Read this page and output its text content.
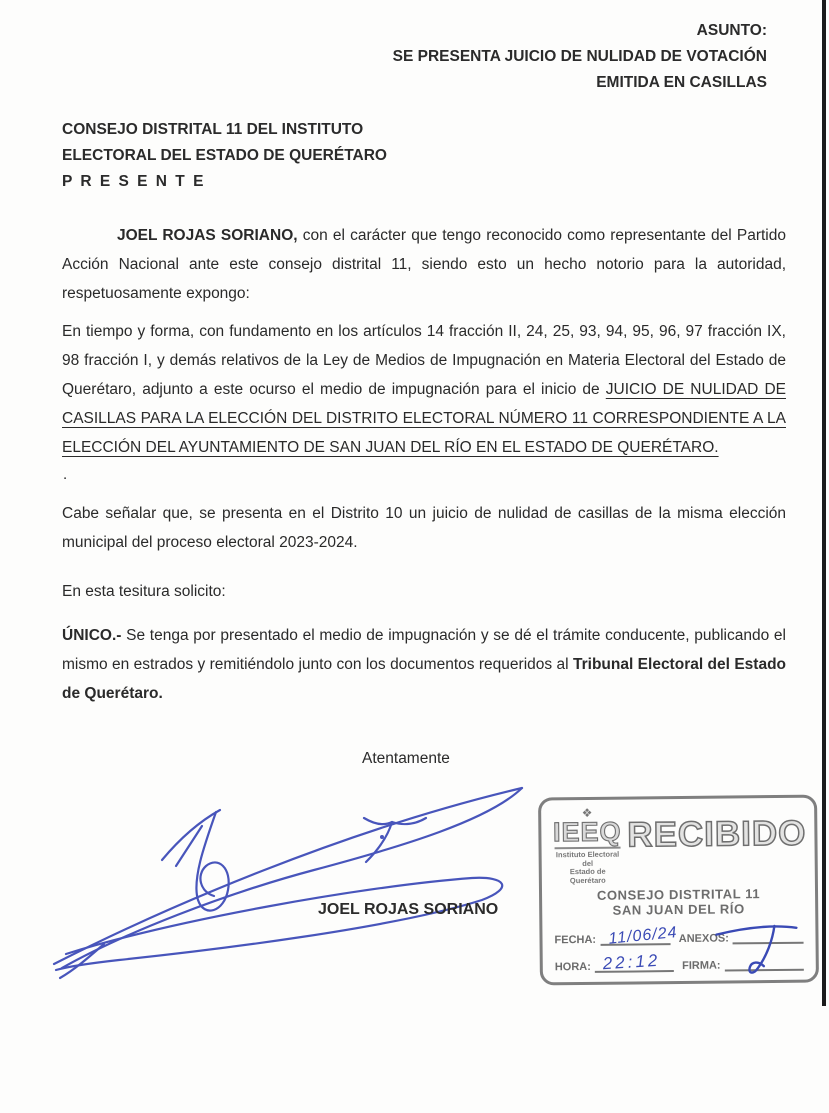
ASUNTO:
SE PRESENTA JUICIO DE NULIDAD DE VOTACIÓN
EMITIDA EN CASILLAS
CONSEJO DISTRITAL 11 DEL INSTITUTO
ELECTORAL DEL ESTADO DE QUERÉTARO
P R E S E N T E

JOEL ROJAS SORIANO, con el carácter que tengo reconocido como representante del Partido Acción Nacional ante este consejo distrital 11, siendo esto un hecho notorio para la autoridad, respetuosamente expongo:

En tiempo y forma, con fundamento en los artículos 14 fracción II, 24, 25, 93, 94, 95, 96, 97 fracción IX, 98 fracción I, y demás relativos de la Ley de Medios de Impugnación en Materia Electoral del Estado de Querétaro, adjunto a este ocurso el medio de impugnación para el inicio de JUICIO DE NULIDAD DE CASILLAS PARA LA ELECCIÓN DEL DISTRITO ELECTORAL NÚMERO 11 CORRESPONDIENTE A LA ELECCIÓN DEL AYUNTAMIENTO DE SAN JUAN DEL RÍO EN EL ESTADO DE QUERÉTARO.

.

Cabe señalar que, se presenta en el Distrito 10 un juicio de nulidad de casillas de la misma elección municipal del proceso electoral 2023-2024.

En esta tesitura solicito:

ÚNICO.- Se tenga por presentado el medio de impugnación y se dé el trámite conducente, publicando el mismo en estrados y remitiéndolo junto con los documentos requeridos al Tribunal Electoral del Estado de Querétaro.

Atentamente
JOEL ROJAS SORIANO
❖
IEEQ
Instituto Electoral del
Estado de Querétaro
RECIBIDO
CONSEJO DISTRITAL 11
SAN JUAN DEL RÍO
FECHA: 11/06/24 ANEXOS:
HORA: 22:12 FIRMA:
